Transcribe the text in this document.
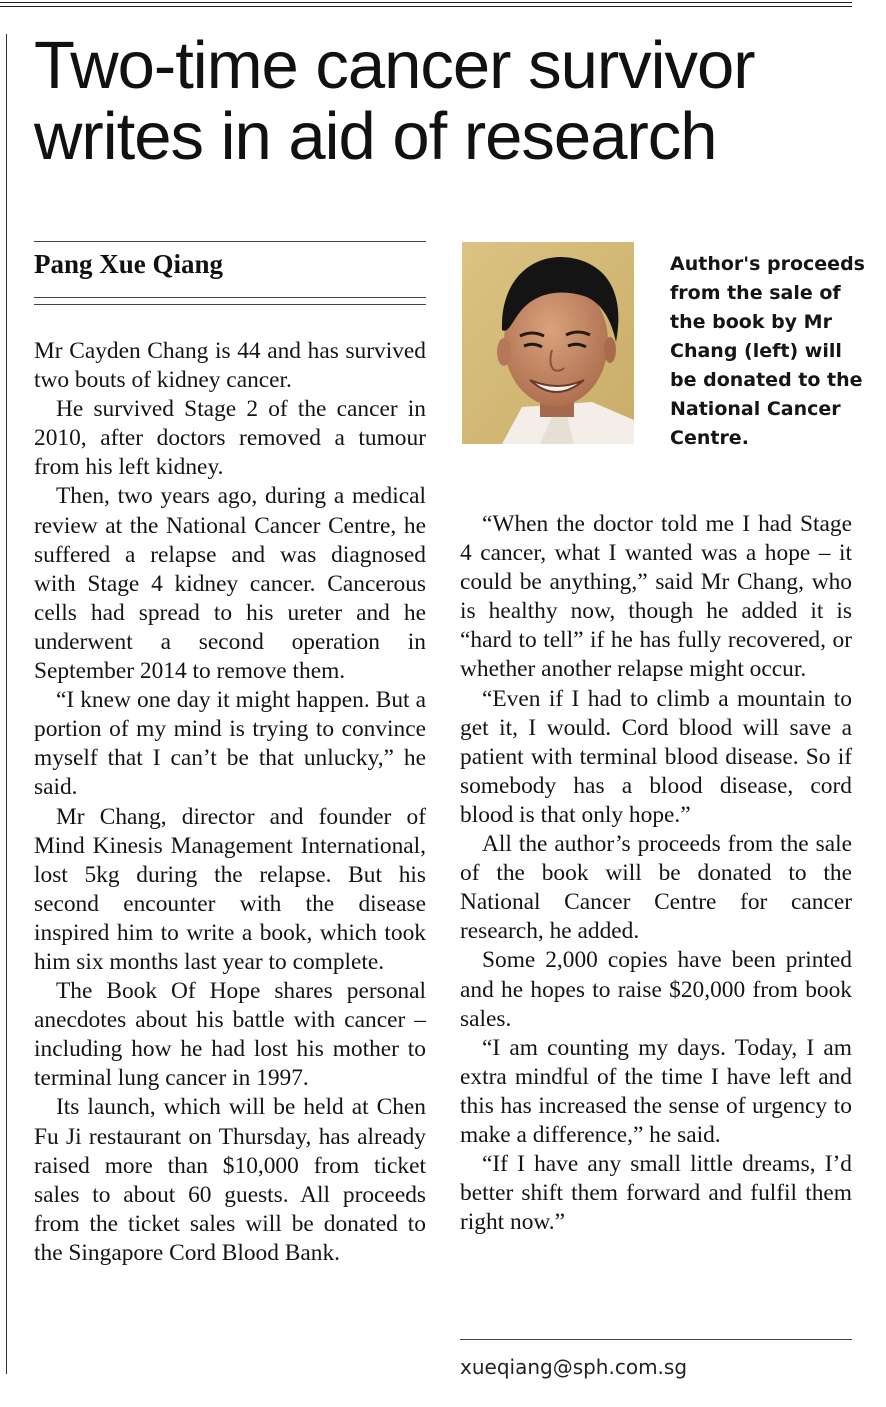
Two-time cancer survivor
writes in aid of research
Pang Xue Qiang

Mr Cayden Chang is 44 and has survived two bouts of kidney cancer.

He survived Stage 2 of the cancer in 2010, after doctors removed a tumour from his left kidney.

Then, two years ago, during a medical review at the National Cancer Centre, he suffered a relapse and was diagnosed with Stage 4 kidney cancer. Cancerous cells had spread to his ureter and he underwent a second operation in September 2014 to remove them.

“I knew one day it might happen. But a portion of my mind is trying to convince myself that I can’t be that unlucky,” he said.

Mr Chang, director and founder of Mind Kinesis Management International, lost 5kg during the relapse. But his second encounter with the disease inspired him to write a book, which took him six months last year to complete.

The Book Of Hope shares personal anecdotes about his battle with cancer – including how he had lost his mother to terminal lung cancer in 1997.

Its launch, which will be held at Chen Fu Ji restaurant on Thursday, has already raised more than $10,000 from ticket sales to about 60 guests. All proceeds from the ticket sales will be donated to the Singapore Cord Blood Bank.

Author's proceeds from the sale of the book by Mr Chang (left) will be donated to the National Cancer Centre.

“When the doctor told me I had Stage 4 cancer, what I wanted was a hope – it could be anything,” said Mr Chang, who is healthy now, though he added it is “hard to tell” if he has fully recovered, or whether another relapse might occur.

“Even if I had to climb a mountain to get it, I would. Cord blood will save a patient with terminal blood disease. So if somebody has a blood disease, cord blood is that only hope.”

All the author’s proceeds from the sale of the book will be donated to the National Cancer Centre for cancer research, he added.

Some 2,000 copies have been printed and he hopes to raise $20,000 from book sales.

“I am counting my days. Today, I am extra mindful of the time I have left and this has increased the sense of urgency to make a difference,” he said.

“If I have any small little dreams, I’d better shift them forward and fulfil them right now.”

xueqiang@sph.com.sg
